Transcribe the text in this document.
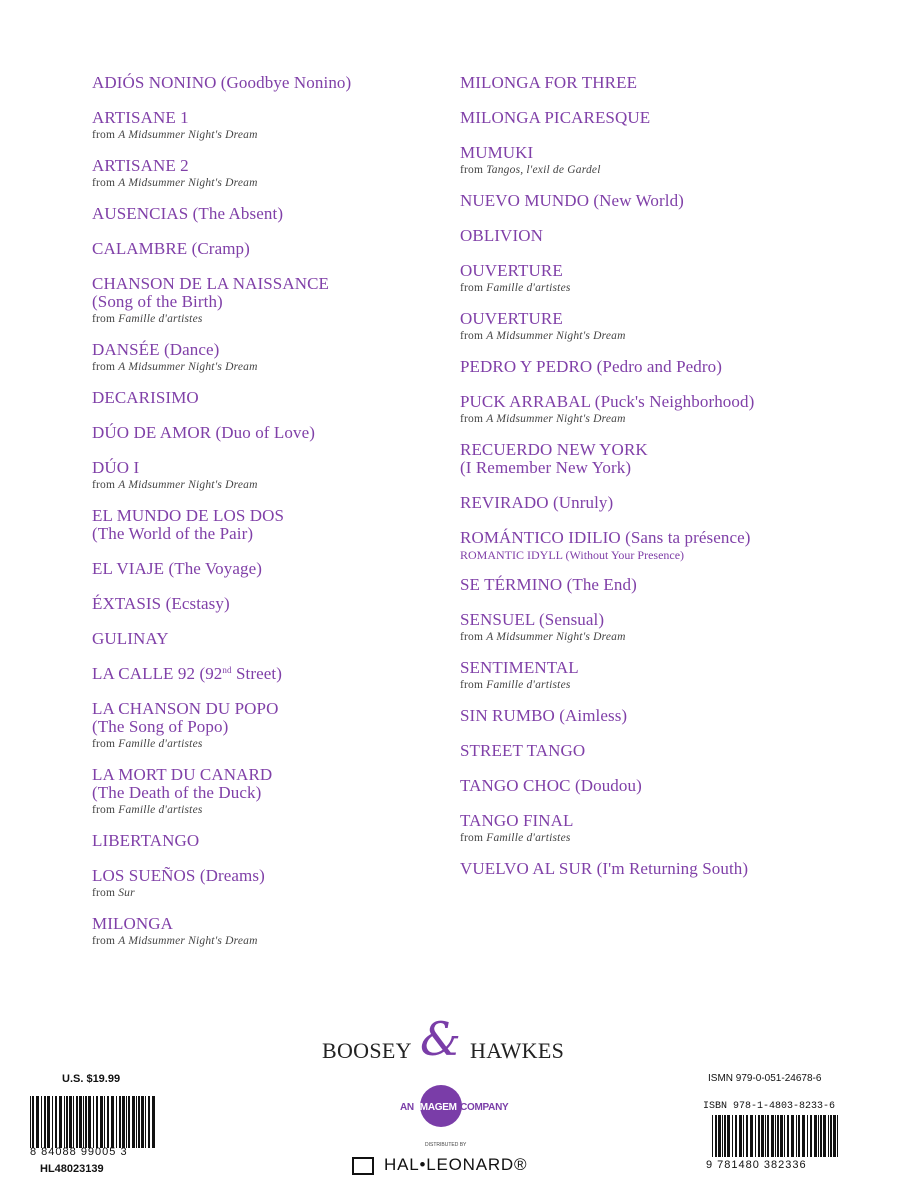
ADIÓS NONINO (Goodbye Nonino)
ARTISANE 1
from A Midsummer Night's Dream
ARTISANE 2
from A Midsummer Night's Dream
AUSENCIAS (The Absent)
CALAMBRE (Cramp)
CHANSON DE LA NAISSANCE
(Song of the Birth)
from Famille d'artistes
DANSÉE (Dance)
from A Midsummer Night's Dream
DECARISIMO
DÚO DE AMOR (Duo of Love)
DÚO I
from A Midsummer Night's Dream
EL MUNDO DE LOS DOS
(The World of the Pair)
EL VIAJE (The Voyage)
ÉXTASIS (Ecstasy)
GULINAY
LA CALLE 92 (92nd Street)
LA CHANSON DU POPO
(The Song of Popo)
from Famille d'artistes
LA MORT DU CANARD
(The Death of the Duck)
from Famille d'artistes
LIBERTANGO
LOS SUEÑOS (Dreams)
from Sur
MILONGA
from A Midsummer Night's Dream
MILONGA FOR THREE
MILONGA PICARESQUE
MUMUKI
from Tangos, l'exil de Gardel
NUEVO MUNDO (New World)
OBLIVION
OUVERTURE
from Famille d'artistes
OUVERTURE
from A Midsummer Night's Dream
PEDRO Y PEDRO (Pedro and Pedro)
PUCK ARRABAL (Puck's Neighborhood)
from A Midsummer Night's Dream
RECUERDO NEW YORK
(I Remember New York)
REVIRADO (Unruly)
ROMÁNTICO IDILIO (Sans ta présence)
ROMANTIC IDYLL (Without Your Presence)
SE TÉRMINO (The End)
SENSUEL (Sensual)
from A Midsummer Night's Dream
SENTIMENTAL
from Famille d'artistes
SIN RUMBO (Aimless)
STREET TANGO
TANGO CHOC (Doudou)
TANGO FINAL
from Famille d'artistes
VUELVO AL SUR (I'm Returning South)
BOOSEY & HAWKES
AN IMAGEM COMPANY
DISTRIBUTED BY
HAL•LEONARD®
U.S. $19.99
8 84088 99005 3
HL48023139
ISMN 979-0-051-24678-6
ISBN 978-1-4803-8233-6
9 781480 382336
